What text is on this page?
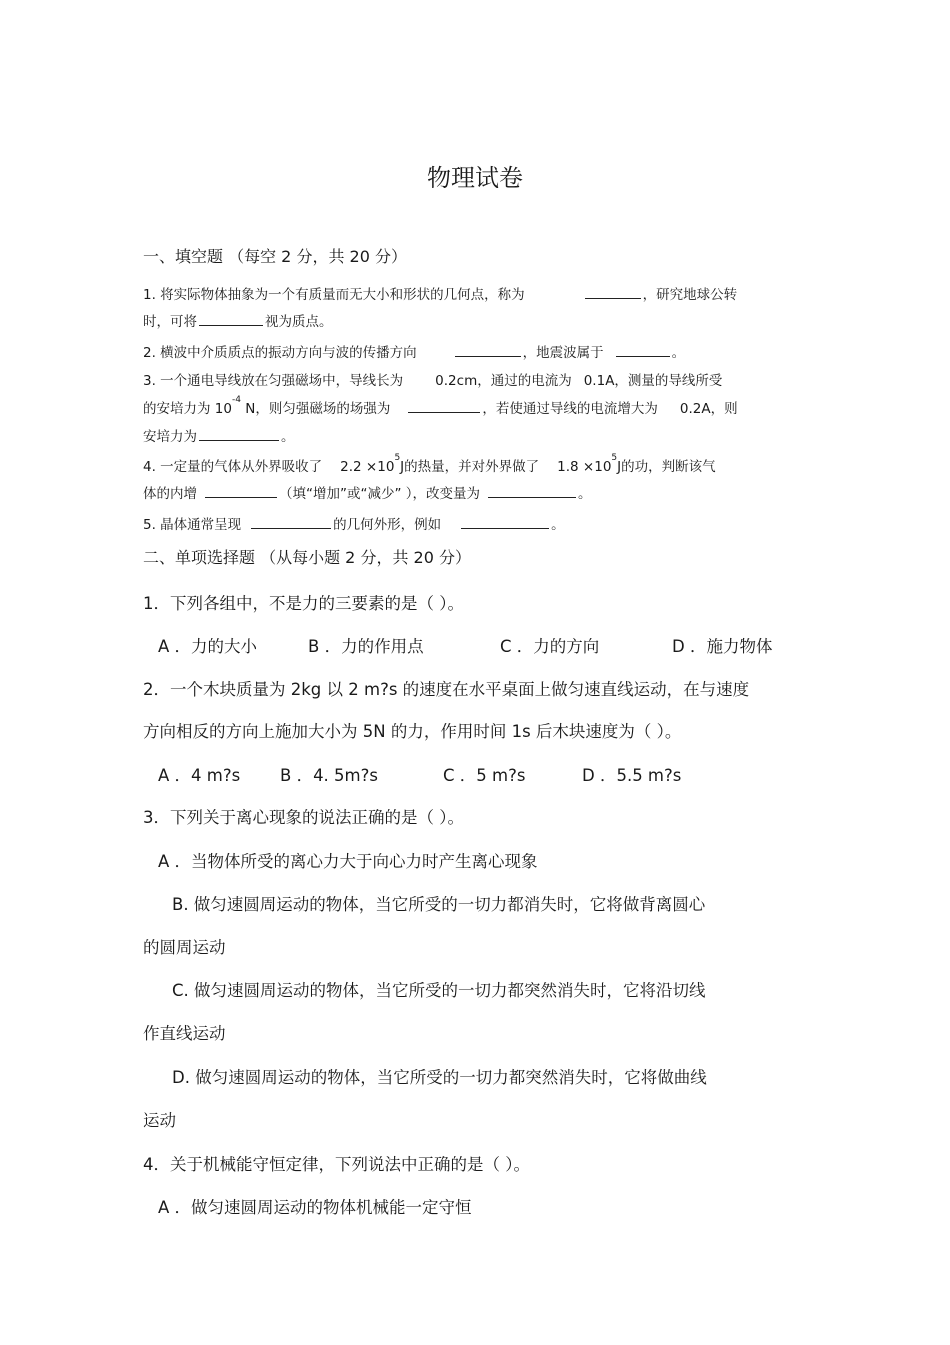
物理试卷
一、填空题 （每空 2 分，共 20 分）
1. 将实际物体抽象为一个有质量而无大小和形状的几何点，称为	，研究地球公转
时，可将	视为质点。
2. 横波中介质质点的振动方向与波的传播方向	，地震波属于	。
3. 一个通电导线放在匀强磁场中，导线长为 0.2cm，通过的电流为 0.1A，测量的导线所受
的安培力为 $10^{-4}$ N，则匀强磁场的场强为	，若使通过导线的电流增大为 0.2A，则
安培力为	。
4. 一定量的气体从外界吸收了 $2.2 \times 10^5J$的热量，并对外界做了 $1.8 \times 10^5J$的功，判断该气
体的内增	（填“增加”或“减少” ），改变量为	。
5. 晶体通常呈现	的几何外形，例如	。
二、单项选择题 （从每小题 2 分，共 20 分）
1．下列各组中，不是力的三要素的是（ ）。
A ．力的大小	B ．力的作用点	C ．力的方向	D ．施力物体
2．一个木块质量为 2kg 以 2 m?s 的速度在水平桌面上做匀速直线运动，在与速度
方向相反的方向上施加大小为 5N 的力，作用时间 1s 后木块速度为（ ）。
A ．4 m?s B ．4. 5m?s	C ．5 m?s	D ．5.5 m?s
3．下列关于离心现象的说法正确的是（ ）。
A ．当物体所受的离心力大于向心力时产生离心现象
B. 做匀速圆周运动的物体，当它所受的一切力都消失时，它将做背离圆心
的圆周运动
C. 做匀速圆周运动的物体，当它所受的一切力都突然消失时，它将沿切线
作直线运动
D. 做匀速圆周运动的物体，当它所受的一切力都突然消失时，它将做曲线
运动
4．关于机械能守恒定律，下列说法中正确的是（ ）。
A ．做匀速圆周运动的物体机械能一定守恒
